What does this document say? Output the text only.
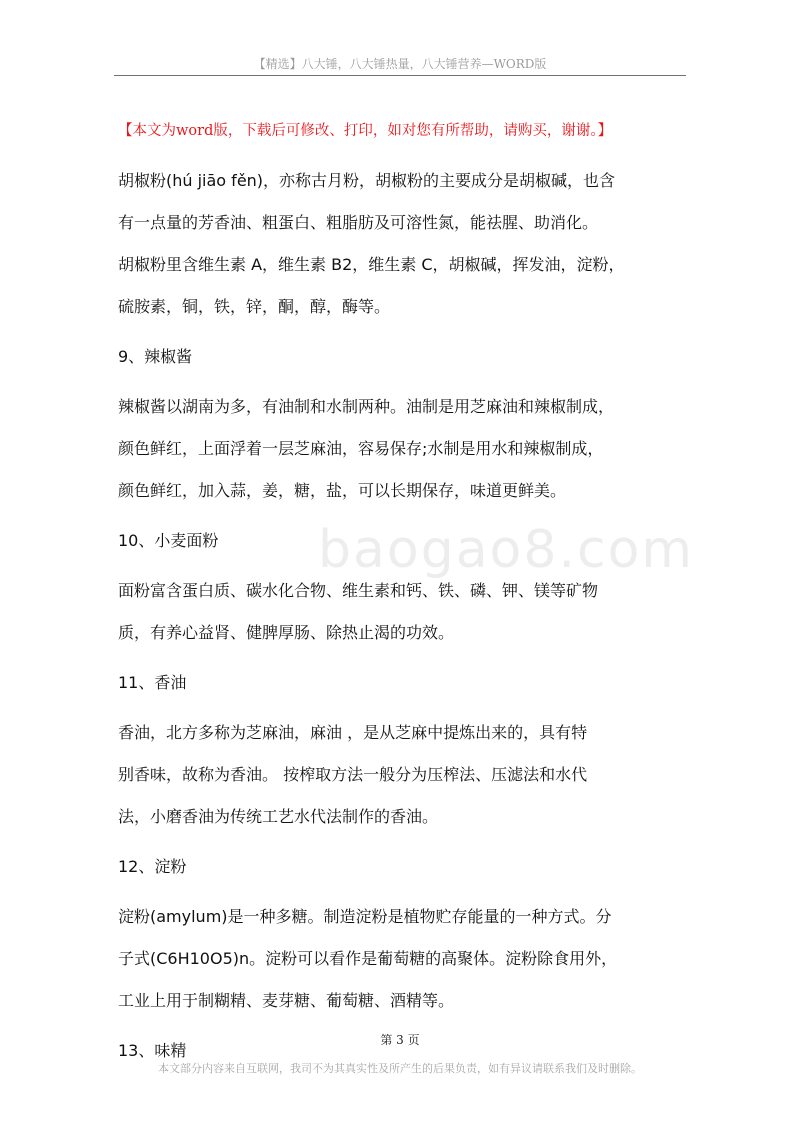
【精选】八大锤，八大锤热量，八大锤营养—WORD版
【本文为word版，下载后可修改、打印，如对您有所帮助，请购买，谢谢。】
baogao8.com
胡椒粉(hú jiāo fěn)，亦称古月粉，胡椒粉的主要成分是胡椒碱，也含
有一点量的芳香油、粗蛋白、粗脂肪及可溶性氮，能祛腥、助消化。
胡椒粉里含维生素 A，维生素 B2，维生素 C，胡椒碱，挥发油，淀粉，
硫胺素，铜，铁，锌，酮，醇，酶等。
9、辣椒酱
辣椒酱以湖南为多，有油制和水制两种。油制是用芝麻油和辣椒制成，
颜色鲜红，上面浮着一层芝麻油，容易保存;水制是用水和辣椒制成，
颜色鲜红，加入蒜，姜，糖，盐，可以长期保存，味道更鲜美。
10、小麦面粉
面粉富含蛋白质、碳水化合物、维生素和钙、铁、磷、钾、镁等矿物
质，有养心益肾、健脾厚肠、除热止渴的功效。
11、香油
香油，北方多称为芝麻油，麻油 ，是从芝麻中提炼出来的，具有特
别香味，故称为香油。 按榨取方法一般分为压榨法、压滤法和水代
法，小磨香油为传统工艺水代法制作的香油。
12、淀粉
淀粉(amylum)是一种多糖。制造淀粉是植物贮存能量的一种方式。分
子式(C6H10O5)n。淀粉可以看作是葡萄糖的高聚体。淀粉除食用外，
工业上用于制糊精、麦芽糖、葡萄糖、酒精等。
13、味精
第 3 页
本文部分内容来自互联网，我司不为其真实性及所产生的后果负责，如有异议请联系我们及时删除。
